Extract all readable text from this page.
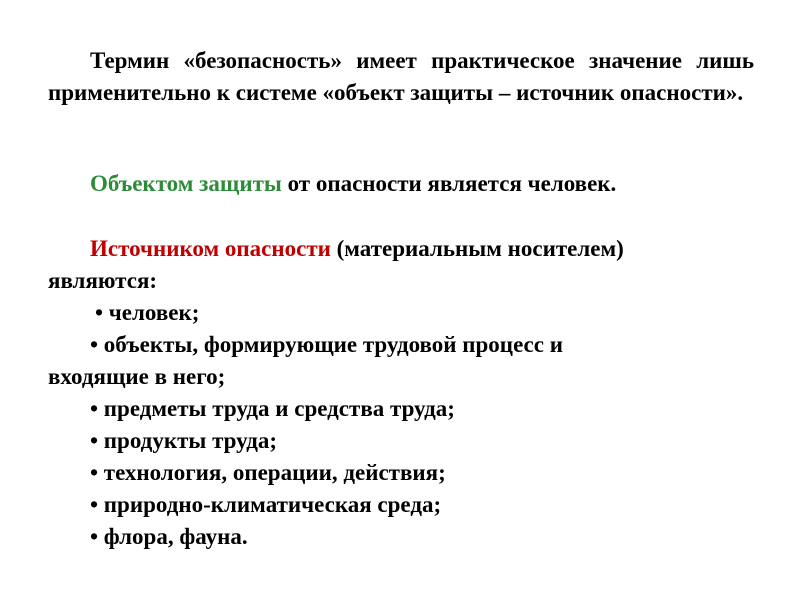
Термин «безопасность» имеет практическое значение лишь применительно к системе «объект защиты – источник опасности».

Объектом защиты от опасности является человек.

Источником опасности (материальным носителем)
являются:
• человек;
• объекты, формирующие трудовой процесс и
входящие в него;
• предметы труда и средства труда;
• продукты труда;
• технология, операции, действия;
• природно-климатическая среда;
• флора, фауна.
